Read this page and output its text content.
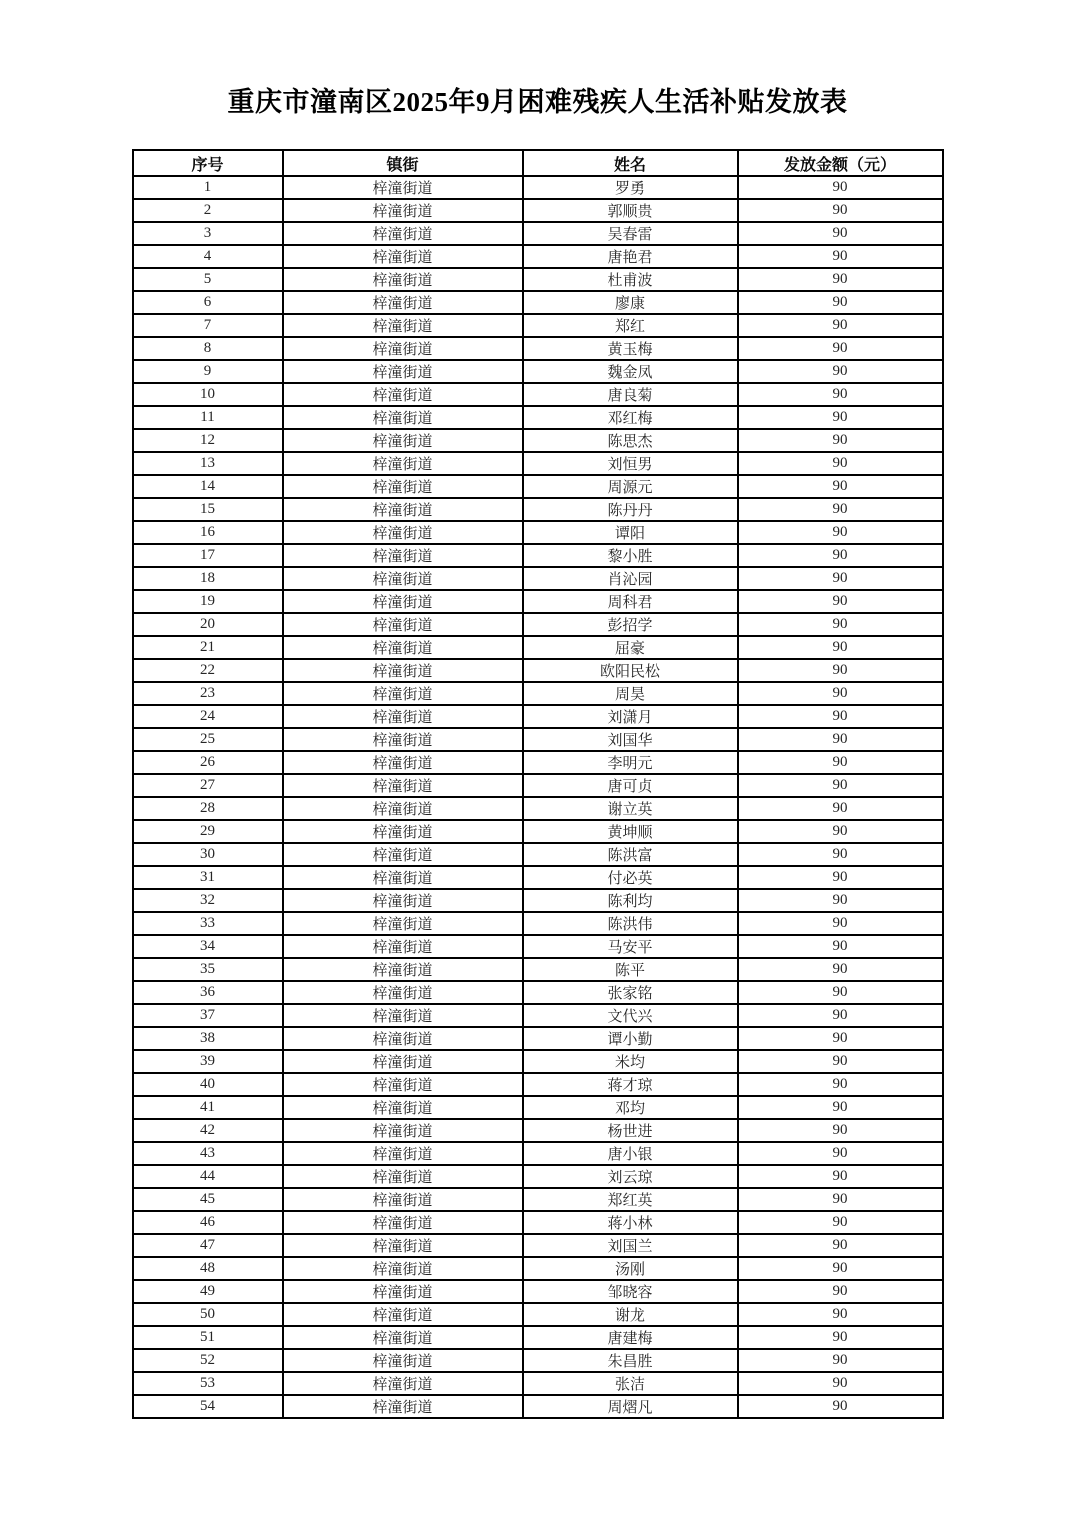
重庆市潼南区2025年9月困难残疾人生活补贴发放表
序号	镇街	姓名	发放金额（元）
1	梓潼街道	罗勇	90
2	梓潼街道	郭顺贵	90
3	梓潼街道	吴春雷	90
4	梓潼街道	唐艳君	90
5	梓潼街道	杜甫波	90
6	梓潼街道	廖康	90
7	梓潼街道	郑红	90
8	梓潼街道	黄玉梅	90
9	梓潼街道	魏金凤	90
10	梓潼街道	唐良菊	90
11	梓潼街道	邓红梅	90
12	梓潼街道	陈思杰	90
13	梓潼街道	刘恒男	90
14	梓潼街道	周源元	90
15	梓潼街道	陈丹丹	90
16	梓潼街道	谭阳	90
17	梓潼街道	黎小胜	90
18	梓潼街道	肖沁园	90
19	梓潼街道	周科君	90
20	梓潼街道	彭招学	90
21	梓潼街道	屈豪	90
22	梓潼街道	欧阳民松	90
23	梓潼街道	周昊	90
24	梓潼街道	刘潇月	90
25	梓潼街道	刘国华	90
26	梓潼街道	李明元	90
27	梓潼街道	唐可贞	90
28	梓潼街道	谢立英	90
29	梓潼街道	黄坤顺	90
30	梓潼街道	陈洪富	90
31	梓潼街道	付必英	90
32	梓潼街道	陈利均	90
33	梓潼街道	陈洪伟	90
34	梓潼街道	马安平	90
35	梓潼街道	陈平	90
36	梓潼街道	张家铭	90
37	梓潼街道	文代兴	90
38	梓潼街道	谭小勤	90
39	梓潼街道	米均	90
40	梓潼街道	蒋才琼	90
41	梓潼街道	邓均	90
42	梓潼街道	杨世进	90
43	梓潼街道	唐小银	90
44	梓潼街道	刘云琼	90
45	梓潼街道	郑红英	90
46	梓潼街道	蒋小林	90
47	梓潼街道	刘国兰	90
48	梓潼街道	汤刚	90
49	梓潼街道	邹晓容	90
50	梓潼街道	谢龙	90
51	梓潼街道	唐建梅	90
52	梓潼街道	朱昌胜	90
53	梓潼街道	张洁	90
54	梓潼街道	周熠凡	90
